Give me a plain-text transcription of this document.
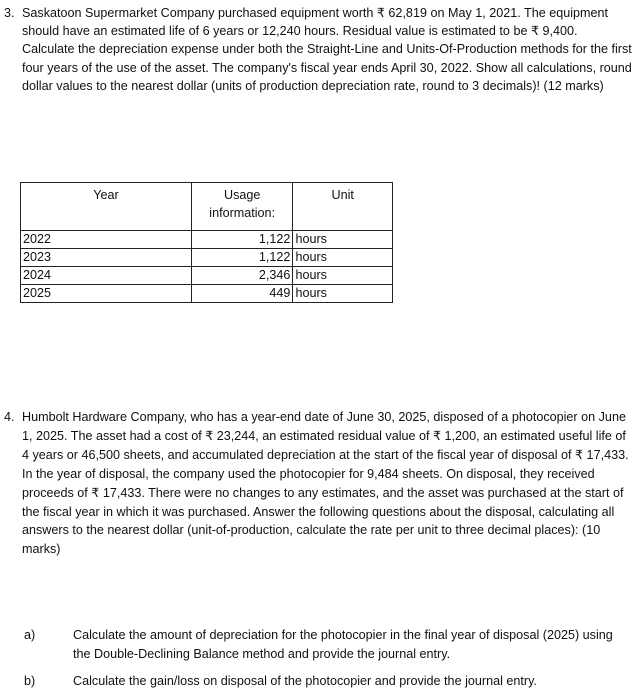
3. Saskatoon Supermarket Company purchased equipment worth ₹ 62,819 on May 1, 2021. The equipment should have an estimated life of 6 years or 12,240 hours. Residual value is estimated to be ₹ 9,400. Calculate the depreciation expense under both the Straight-Line and Units-Of-Production methods for the first four years of the use of the asset. The company's fiscal year ends April 30, 2022. Show all calculations, round dollar values to the nearest dollar (units of production depreciation rate, round to 3 decimals)! (12 marks)
Year	Usage information:	Unit
2022	1,122	hours
2023	1,122	hours
2024	2,346	hours
2025	449	hours
4. Humbolt Hardware Company, who has a year-end date of June 30, 2025, disposed of a photocopier on June 1, 2025. The asset had a cost of ₹ 23,244, an estimated residual value of ₹ 1,200, an estimated useful life of 4 years or 46,500 sheets, and accumulated depreciation at the start of the fiscal year of disposal of ₹ 17,433. In the year of disposal, the company used the photocopier for 9,484 sheets. On disposal, they received proceeds of ₹ 17,433. There were no changes to any estimates, and the asset was purchased at the start of the fiscal year in which it was purchased. Answer the following questions about the disposal, calculating all answers to the nearest dollar (unit-of-production, calculate the rate per unit to three decimal places): (10 marks)
a)	Calculate the amount of depreciation for the photocopier in the final year of disposal (2025) using the Double-Declining Balance method and provide the journal entry.
b)	Calculate the gain/loss on disposal of the photocopier and provide the journal entry.
